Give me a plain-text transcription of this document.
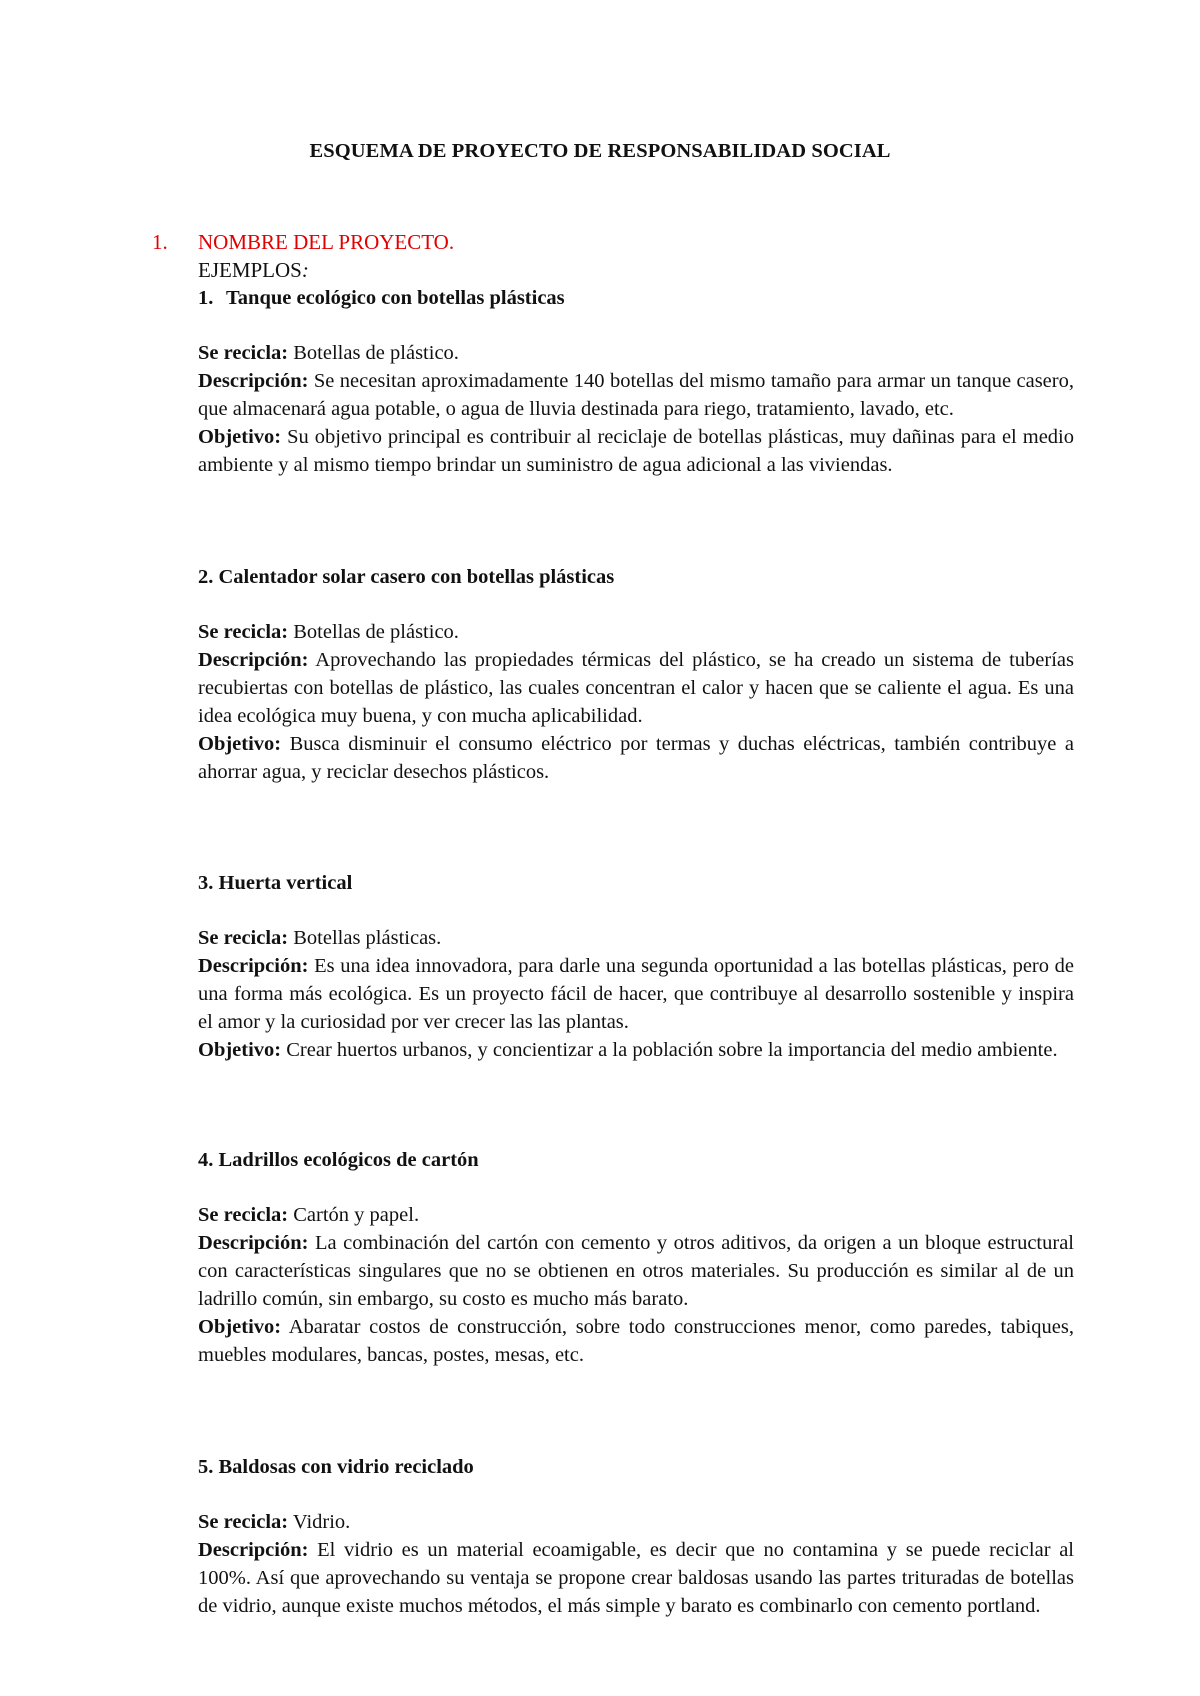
ESQUEMA DE PROYECTO DE RESPONSABILIDAD SOCIAL
1. NOMBRE DEL PROYECTO.
EJEMPLOS:
1. Tanque ecológico con botellas plásticas

Se recicla: Botellas de plástico.

Descripción: Se necesitan aproximadamente 140 botellas del mismo tamaño para armar un tanque casero, que almacenará agua potable, o agua de lluvia destinada para riego, tratamiento, lavado, etc.

Objetivo: Su objetivo principal es contribuir al reciclaje de botellas plásticas, muy dañinas para el medio ambiente y al mismo tiempo brindar un suministro de agua adicional a las viviendas.

2. Calentador solar casero con botellas plásticas

Se recicla: Botellas de plástico.

Descripción: Aprovechando las propiedades térmicas del plástico, se ha creado un sistema de tuberías recubiertas con botellas de plástico, las cuales concentran el calor y hacen que se caliente el agua. Es una idea ecológica muy buena, y con mucha aplicabilidad.

Objetivo: Busca disminuir el consumo eléctrico por termas y duchas eléctricas, también contribuye a ahorrar agua, y reciclar desechos plásticos.

3. Huerta vertical

Se recicla: Botellas plásticas.

Descripción: Es una idea innovadora, para darle una segunda oportunidad a las botellas plásticas, pero de una forma más ecológica. Es un proyecto fácil de hacer, que contribuye al desarrollo sostenible y inspira el amor y la curiosidad por ver crecer las las plantas.

Objetivo: Crear huertos urbanos, y concientizar a la población sobre la importancia del medio ambiente.

4. Ladrillos ecológicos de cartón

Se recicla: Cartón y papel.

Descripción: La combinación del cartón con cemento y otros aditivos, da origen a un bloque estructural con características singulares que no se obtienen en otros materiales. Su producción es similar al de un ladrillo común, sin embargo, su costo es mucho más barato.

Objetivo: Abaratar costos de construcción, sobre todo construcciones menor, como paredes, tabiques, muebles modulares, bancas, postes, mesas, etc.

5. Baldosas con vidrio reciclado

Se recicla: Vidrio.

Descripción: El vidrio es un material ecoamigable, es decir que no contamina y se puede reciclar al 100%. Así que aprovechando su ventaja se propone crear baldosas usando las partes trituradas de botellas de vidrio, aunque existe muchos métodos, el más simple y barato es combinarlo con cemento portland.
